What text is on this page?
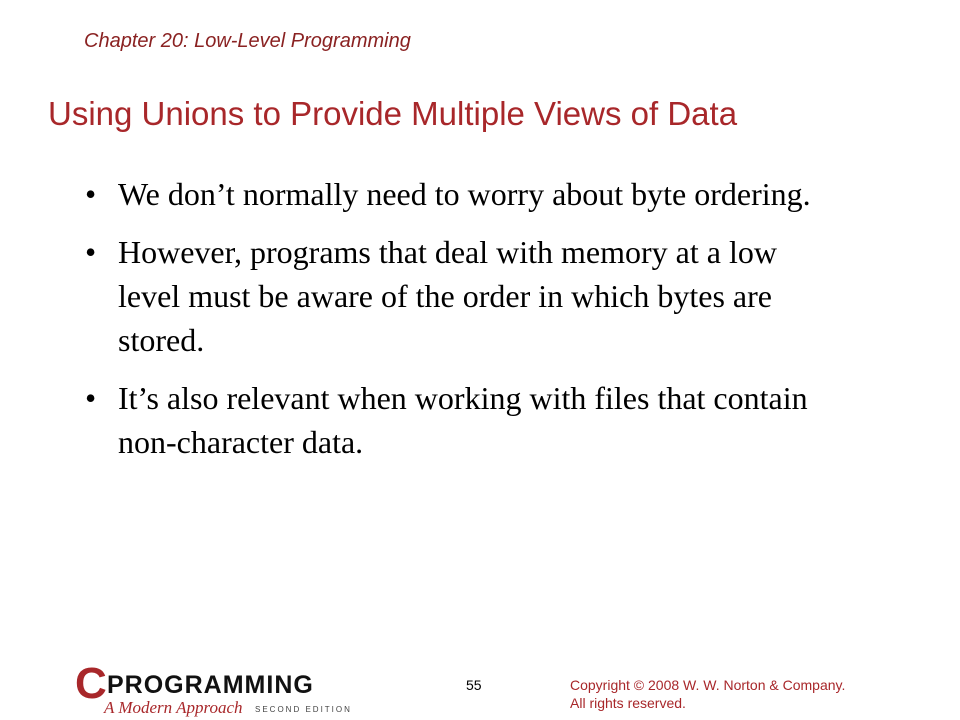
Chapter 20: Low-Level Programming
Using Unions to Provide Multiple Views of Data
• We don’t normally need to worry about byte ordering.
• However, programs that deal with memory at a low level must be aware of the order in which bytes are stored.
• It’s also relevant when working with files that contain non-character data.
C PROGRAMMING
A Modern Approach SECOND EDITION
55	Copyright © 2008 W. W. Norton & Company.
All rights reserved.
